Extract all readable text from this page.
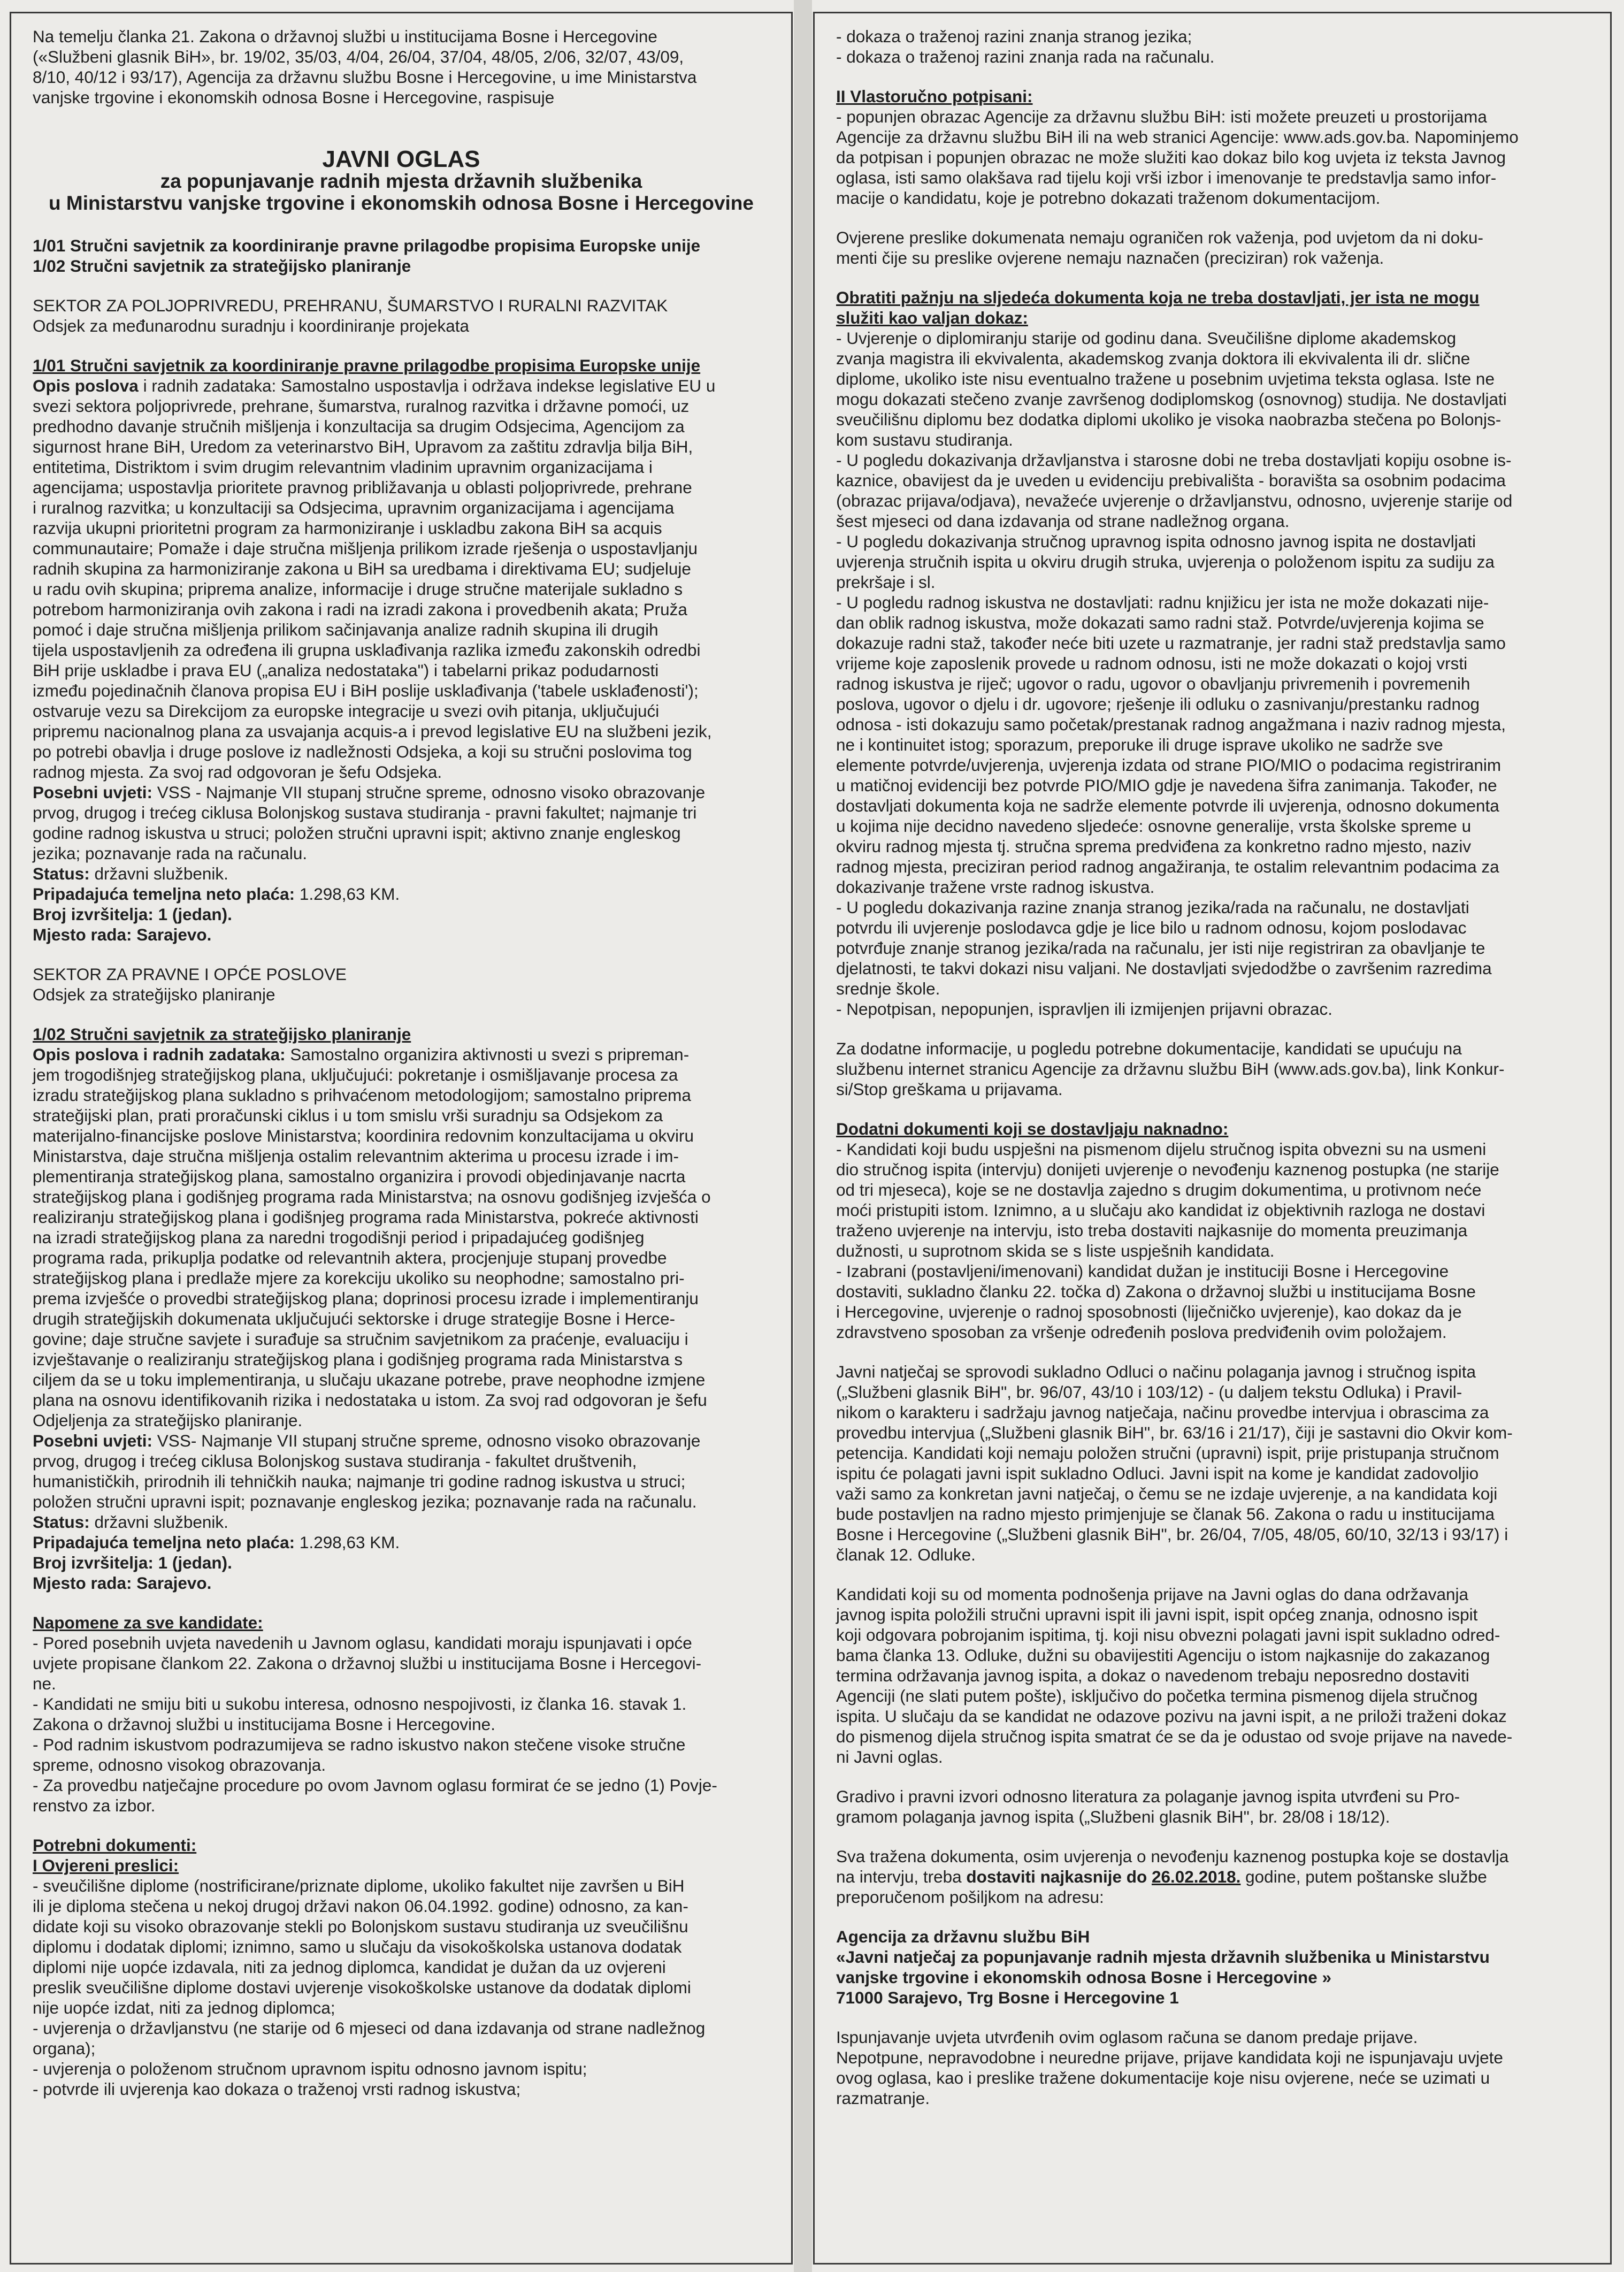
Na temelju članka 21. Zakona o državnoj službi u institucijama Bosne i Hercegovine

(«Službeni glasnik BiH», br. 19/02, 35/03, 4/04, 26/04, 37/04, 48/05, 2/06, 32/07, 43/09,

8/10, 40/12 i 93/17), Agencija za državnu službu Bosne i Hercegovine, u ime Ministarstva

vanjske trgovine i ekonomskih odnosa Bosne i Hercegovine, raspisuje

JAVNI OGLAS

za popunjavanje radnih mjesta državnih službenika

u Ministarstvu vanjske trgovine i ekonomskih odnosa Bosne i Hercegovine

1/01 Stručni savjetnik za koordiniranje pravne prilagodbe propisima Europske unije

1/02 Stručni savjetnik za strateğijsko planiranje

SEKTOR ZA POLJOPRIVREDU, PREHRANU, ŠUMARSTVO I RURALNI RAZVITAK

Odsjek za međunarodnu suradnju i koordiniranje projekata

1/01 Stručni savjetnik za koordiniranje pravne prilagodbe propisima Europske unije

Opis poslova i radnih zadataka: Samostalno uspostavlja i održava indekse legislative EU u

svezi sektora poljoprivrede, prehrane, šumarstva, ruralnog razvitka i državne pomoći, uz

predhodno davanje stručnih mišljenja i konzultacija sa drugim Odsjecima, Agencijom za

sigurnost hrane BiH, Uredom za veterinarstvo BiH, Upravom za zaštitu zdravlja bilja BiH,

entitetima, Distriktom i svim drugim relevantnim vladinim upravnim organizacijama i

agencijama; uspostavlja prioritete pravnog približavanja u oblasti poljoprivrede, prehrane

i ruralnog razvitka; u konzultaciji sa Odsjecima, upravnim organizacijama i agencijama

razvija ukupni prioritetni program za harmoniziranje i uskladbu zakona BiH sa acquis

communautaire; Pomaže i daje stručna mišljenja prilikom izrade rješenja o uspostavljanju

radnih skupina za harmoniziranje zakona u BiH sa uredbama i direktivama EU; sudjeluje

u radu ovih skupina; pripremа analize, informacije i druge stručne materijale sukladno s

potrebom harmoniziranja ovih zakona i radi na izradi zakona i provedbenih akata; Pruža

pomoć i daje stručna mišljenja prilikom sačinjavanja analize radnih skupina ili drugih

tijela uspostavljenih za određena ili grupna usklađivanja razlika između zakonskih odredbi

BiH prije uskladbe i prava EU („analiza nedostataka") i tabelarni prikaz podudarnosti

između pojedinačnih članova propisa EU i BiH poslije usklađivanja ('tabele usklađenosti');

ostvaruje vezu sa Direkcijom za europske integracije u svezi ovih pitanja, uključujući

pripremu nacionalnog plana za usvajanja acquis-a i prevod legislative EU na službeni jezik,

po potrebi obavlja i druge poslove iz nadležnosti Odsjeka, a koji su stručni poslovima tog

radnog mjesta. Za svoj rad odgovoran je šefu Odsjeka.

Posebni uvjeti: VSS - Najmanje VII stupanj stručne spreme, odnosno visoko obrazovanje

prvog, drugog i trećeg ciklusa Bolonjskog sustava studiranja - pravni fakultet; najmanje tri

godine radnog iskustva u struci; položen stručni upravni ispit; aktivno znanje engleskog

jezika; poznavanje rada na računalu.

Status: državni službenik.

Pripadajuća temeljna neto plaća: 1.298,63 KM.

Broj izvršitelja: 1 (jedan).

Mjesto rada: Sarajevo.

SEKTOR ZA PRAVNE I OPĆE POSLOVE

Odsjek za strateğijsko planiranje

1/02 Stručni savjetnik za strateğijsko planiranje

Opis poslova i radnih zadataka: Samostalno organizira aktivnosti u svezi s pripreman-

jem trogodišnjeg strateğijskog plana, uključujući: pokretanje i osmišljavanje procesa za

izradu strateğijskog plana sukladno s prihvaćenom metodologijom; samostalno priprema

strateğijski plan, prati proračunski ciklus i u tom smislu vrši suradnju sa Odsjekom za

materijalno-financijske poslove Ministarstva; koordinira redovnim konzultacijama u okviru

Ministarstva, daje stručna mišljenja ostalim relevantnim akterima u procesu izrade i im-

plementiranja strateğijskog plana, samostalno organizira i provodi objedinjavanje nacrta

strateğijskog plana i godišnjeg programa rada Ministarstva; na osnovu godišnjeg izvješća o

realiziranju strateğijskog plana i godišnjeg programa rada Ministarstva, pokreće aktivnosti

na izradi strateğijskog plana za naredni trogodišnji period i pripadajućeg godišnjeg

programa rada, prikuplja podatke od relevantnih aktera, procjenjuje stupanj provedbe

strateğijskog plana i predlaže mjere za korekciju ukoliko su neophodne; samostalno pri-

prema izvješće o provedbi strateğijskog plana; doprinosi procesu izrade i implementiranju

drugih strateğijskih dokumenata uključujući sektorske i druge strategije Bosne i Herce-

govine; daje stručne savjete i surađuje sa stručnim savjetnikom za praćenje, evaluaciju i

izvještavanje o realiziranju strateğijskog plana i godišnjeg programa rada Ministarstva s

ciljem da se u toku implementiranja, u slučaju ukazane potrebe, prave neophodne izmjene

plana na osnovu identifikovanih rizika i nedostataka u istom. Za svoj rad odgovoran je šefu

Odjeljenja za strateğijsko planiranje.

Posebni uvjeti: VSS- Najmanje VII stupanj stručne spreme, odnosno visoko obrazovanje

prvog, drugog i trećeg ciklusa Bolonjskog sustava studiranja - fakultet društvenih,

humanističkih, prirodnih ili tehničkih nauka; najmanje tri godine radnog iskustva u struci;

položen stručni upravni ispit; poznavanje engleskog jezika; poznavanje rada na računalu.

Status: državni službenik.

Pripadajuća temeljna neto plaća: 1.298,63 KM.

Broj izvršitelja: 1 (jedan).

Mjesto rada: Sarajevo.

Napomene za sve kandidate:

- Pored posebnih uvjeta navedenih u Javnom oglasu, kandidati moraju ispunjavati i opće

uvjete propisane člankom 22. Zakona o državnoj službi u institucijama Bosne i Hercegovi-

ne.

- Kandidati ne smiju biti u sukobu interesa, odnosno nespojivosti, iz članka 16. stavak 1.

Zakona o državnoj službi u institucijama Bosne i Hercegovine.

- Pod radnim iskustvom podrazumijeva se radno iskustvo nakon stečene visoke stručne

spreme, odnosno visokog obrazovanja.

- Za provedbu natječajne procedure po ovom Javnom oglasu formirat će se jedno (1) Povje-

renstvo za izbor.

Potrebni dokumenti:

I Ovjereni preslici:

- sveučilišne diplome (nostrificirane/priznate diplome, ukoliko fakultet nije završen u BiH

ili je diploma stečena u nekoj drugoj državi nakon 06.04.1992. godine) odnosno, za kan-

didate koji su visoko obrazovanje stekli po Bolonjskom sustavu studiranja uz sveučilišnu

diplomu i dodatak diplomi; iznimno, samo u slučaju da visokoškolska ustanova dodatak

diplomi nije uopće izdavala, niti za jednog diplomca, kandidat je dužan da uz ovjereni

preslik sveučilišne diplome dostavi uvjerenje visokoškolske ustanove da dodatak diplomi

nije uopće izdat, niti za jednog diplomca;

- uvjerenja o državljanstvu (ne starije od 6 mjeseci od dana izdavanja od strane nadležnog

organa);

- uvjerenja o položenom stručnom upravnom ispitu odnosno javnom ispitu;

- potvrde ili uvjerenja kao dokaza o traženoj vrsti radnog iskustva;

- dokaza o traženoj razini znanja stranog jezika;

- dokaza o traženoj razini znanja rada na računalu.

II Vlastoručno potpisani:

- popunjen obrazac Agencije za državnu službu BiH: isti možete preuzeti u prostorijama

Agencije za državnu službu BiH ili na web stranici Agencije: www.ads.gov.ba. Napominjemo

da potpisan i popunjen obrazac ne može služiti kao dokaz bilo kog uvjeta iz teksta Javnog

oglasa, isti samo olakšava rad tijelu koji vrši izbor i imenovanje te predstavlja samo infor-

macije o kandidatu, koje je potrebno dokazati traženom dokumentacijom.

Ovjerene preslike dokumenata nemaju ograničen rok važenja, pod uvjetom da ni doku-

menti čije su preslike ovjerene nemaju naznačen (preciziran) rok važenja.

Obratiti pažnju na sljedeća dokumenta koja ne treba dostavljati, jer ista ne mogu

služiti kao valjan dokaz:

- Uvjerenje o diplomiranju starije od godinu dana. Sveučilišne diplome akademskog

zvanja magistra ili ekvivalenta, akademskog zvanja doktora ili ekvivalenta ili dr. slične

diplome, ukoliko iste nisu eventualno tražene u posebnim uvjetima teksta oglasa. Iste ne

mogu dokazati stečeno zvanje završenog dodiplomskog (osnovnog) studija. Ne dostavljati

sveučilišnu diplomu bez dodatka diplomi ukoliko je visoka naobrazba stečena po Bolonjs-

kom sustavu studiranja.

- U pogledu dokazivanja državljanstva i starosne dobi ne treba dostavljati kopiju osobne is-

kaznice, obavijest da je uveden u evidenciju prebivališta - boravišta sa osobnim podacima

(obrazac prijava/odjava), nevažeće uvjerenje o državljanstvu, odnosno, uvjerenje starije od

šest mjeseci od dana izdavanja od strane nadležnog organa.

- U pogledu dokazivanja stručnog upravnog ispita odnosno javnog ispita ne dostavljati

uvjerenja stručnih ispita u okviru drugih struka, uvjerenja o položenom ispitu za sudiju za

prekršaje i sl.

- U pogledu radnog iskustva ne dostavljati: radnu knjižicu jer ista ne može dokazati nije-

dan oblik radnog iskustva, može dokazati samo radni staž. Potvrde/uvjerenja kojima se

dokazuje radni staž, također neće biti uzete u razmatranje, jer radni staž predstavlja samo

vrijeme koje zaposlenik provede u radnom odnosu, isti ne može dokazati o kojoj vrsti

radnog iskustva je riječ; ugovor o radu, ugovor o obavljanju privremenih i povremenih

poslova, ugovor o djelu i dr. ugovore; rješenje ili odluku o zasnivanju/prestanku radnog

odnosa - isti dokazuju samo početak/prestanak radnog angažmana i naziv radnog mjesta,

ne i kontinuitet istog; sporazum, preporuke ili druge isprave ukoliko ne sadrže sve

elemente potvrde/uvjerenja, uvjerenja izdata od strane PIO/MIO o podacima registriranim

u matičnoj evidenciji bez potvrde PIO/MIO gdje je navedena šifra zanimanja. Također, ne

dostavljati dokumenta koja ne sadrže elemente potvrde ili uvjerenja, odnosno dokumenta

u kojima nije decidno navedeno sljedeće: osnovne generalije, vrsta školske spreme u

okviru radnog mjesta tj. stručna sprema predviđena za konkretno radno mjesto, naziv

radnog mjesta, preciziran period radnog angažiranja, te ostalim relevantnim podacima za

dokazivanje tražene vrste radnog iskustva.

- U pogledu dokazivanja razine znanja stranog jezika/rada na računalu, ne dostavljati

potvrdu ili uvjerenje poslodavca gdje je lice bilo u radnom odnosu, kojom poslodavac

potvrđuje znanje stranog jezika/rada na računalu, jer isti nije registriran za obavljanje te

djelatnosti, te takvi dokazi nisu valjani. Ne dostavljati svjedodžbe o završenim razredima

srednje škole.

- Nepotpisan, nepopunjen, ispravljen ili izmijenjen prijavni obrazac.

Za dodatne informacije, u pogledu potrebne dokumentacije, kandidati se upućuju na

službenu internet stranicu Agencije za državnu službu BiH (www.ads.gov.ba), link Konkur-

si/Stop greškama u prijavama.

Dodatni dokumenti koji se dostavljaju naknadno:

- Kandidati koji budu uspješni na pismenom dijelu stručnog ispita obvezni su na usmeni

dio stručnog ispita (intervju) donijeti uvjerenje o nevođenju kaznenog postupka (ne starije

od tri mjeseca), koje se ne dostavlja zajedno s drugim dokumentima, u protivnom neće

moći pristupiti istom. Iznimno, a u slučaju ako kandidat iz objektivnih razloga ne dostavi

traženo uvjerenje na intervju, isto treba dostaviti najkasnije do momenta preuzimanja

dužnosti, u suprotnom skida se s liste uspješnih kandidata.

- Izabrani (postavljeni/imenovani) kandidat dužan je instituciji Bosne i Hercegovine

dostaviti, sukladno članku 22. točka d) Zakona o državnoj službi u institucijama Bosne

i Hercegovine, uvjerenje o radnoj sposobnosti (liječničko uvjerenje), kao dokaz da je

zdravstveno sposoban za vršenje određenih poslova predviđenih ovim položajem.

Javni natječaj se sprovodi sukladno Odluci o načinu polaganja javnog i stručnog ispita

(„Službeni glasnik BiH", br. 96/07, 43/10 i 103/12) - (u daljem tekstu Odluka) i Pravil-

nikom o karakteru i sadržaju javnog natječaja, načinu provedbe intervjua i obrascima za

provedbu intervjua („Službeni glasnik BiH", br. 63/16 i 21/17), čiji je sastavni dio Okvir kom-

petencija. Kandidati koji nemaju položen stručni (upravni) ispit, prije pristupanja stručnom

ispitu će polagati javni ispit sukladno Odluci. Javni ispit na kome je kandidat zadovoljio

važi samo za konkretan javni natječaj, o čemu se ne izdaje uvjerenje, a na kandidata koji

bude postavljen na radno mjesto primjenjuje se članak 56. Zakona o radu u institucijama

Bosne i Hercegovine („Službeni glasnik BiH", br. 26/04, 7/05, 48/05, 60/10, 32/13 i 93/17) i

članak 12. Odluke.

Kandidati koji su od momenta podnošenja prijave na Javni oglas do dana održavanja

javnog ispita položili stručni upravni ispit ili javni ispit, ispit općeg znanja, odnosno ispit

koji odgovara pobrojanim ispitima, tj. koji nisu obvezni polagati javni ispit sukladno odred-

bama članka 13. Odluke, dužni su obavijestiti Agenciju o istom najkasnije do zakazanog

termina održavanja javnog ispita, a dokaz o navedenom trebaju neposredno dostaviti

Agenciji (ne slati putem pošte), isključivo do početka termina pismenog dijela stručnog

ispita. U slučaju da se kandidat ne odazove pozivu na javni ispit, a ne priloži traženi dokaz

do pismenog dijela stručnog ispita smatrat će se da je odustao od svoje prijave na navede-

ni Javni oglas.

Gradivo i pravni izvori odnosno literatura za polaganje javnog ispita utvrđeni su Pro-

gramom polaganja javnog ispita („Službeni glasnik BiH", br. 28/08 i 18/12).

Sva tražena dokumenta, osim uvjerenja o nevođenju kaznenog postupka koje se dostavlja

na intervju, treba dostaviti najkasnije do 26.02.2018. godine, putem poštanske službe

preporučenom pošiljkom na adresu:

Agencija za državnu službu BiH

«Javni natječaj za popunjavanje radnih mjesta državnih službenika u Ministarstvu

vanjske trgovine i ekonomskih odnosa Bosne i Hercegovine »

71000 Sarajevo, Trg Bosne i Hercegovine 1

Ispunjavanje uvjeta utvrđenih ovim oglasom računa se danom predaje prijave.

Nepotpune, nepravodobne i neuredne prijave, prijave kandidata koji ne ispunjavaju uvjete

ovog oglasa, kao i preslike tražene dokumentacije koje nisu ovjerene, neće se uzimati u

razmatranje.
